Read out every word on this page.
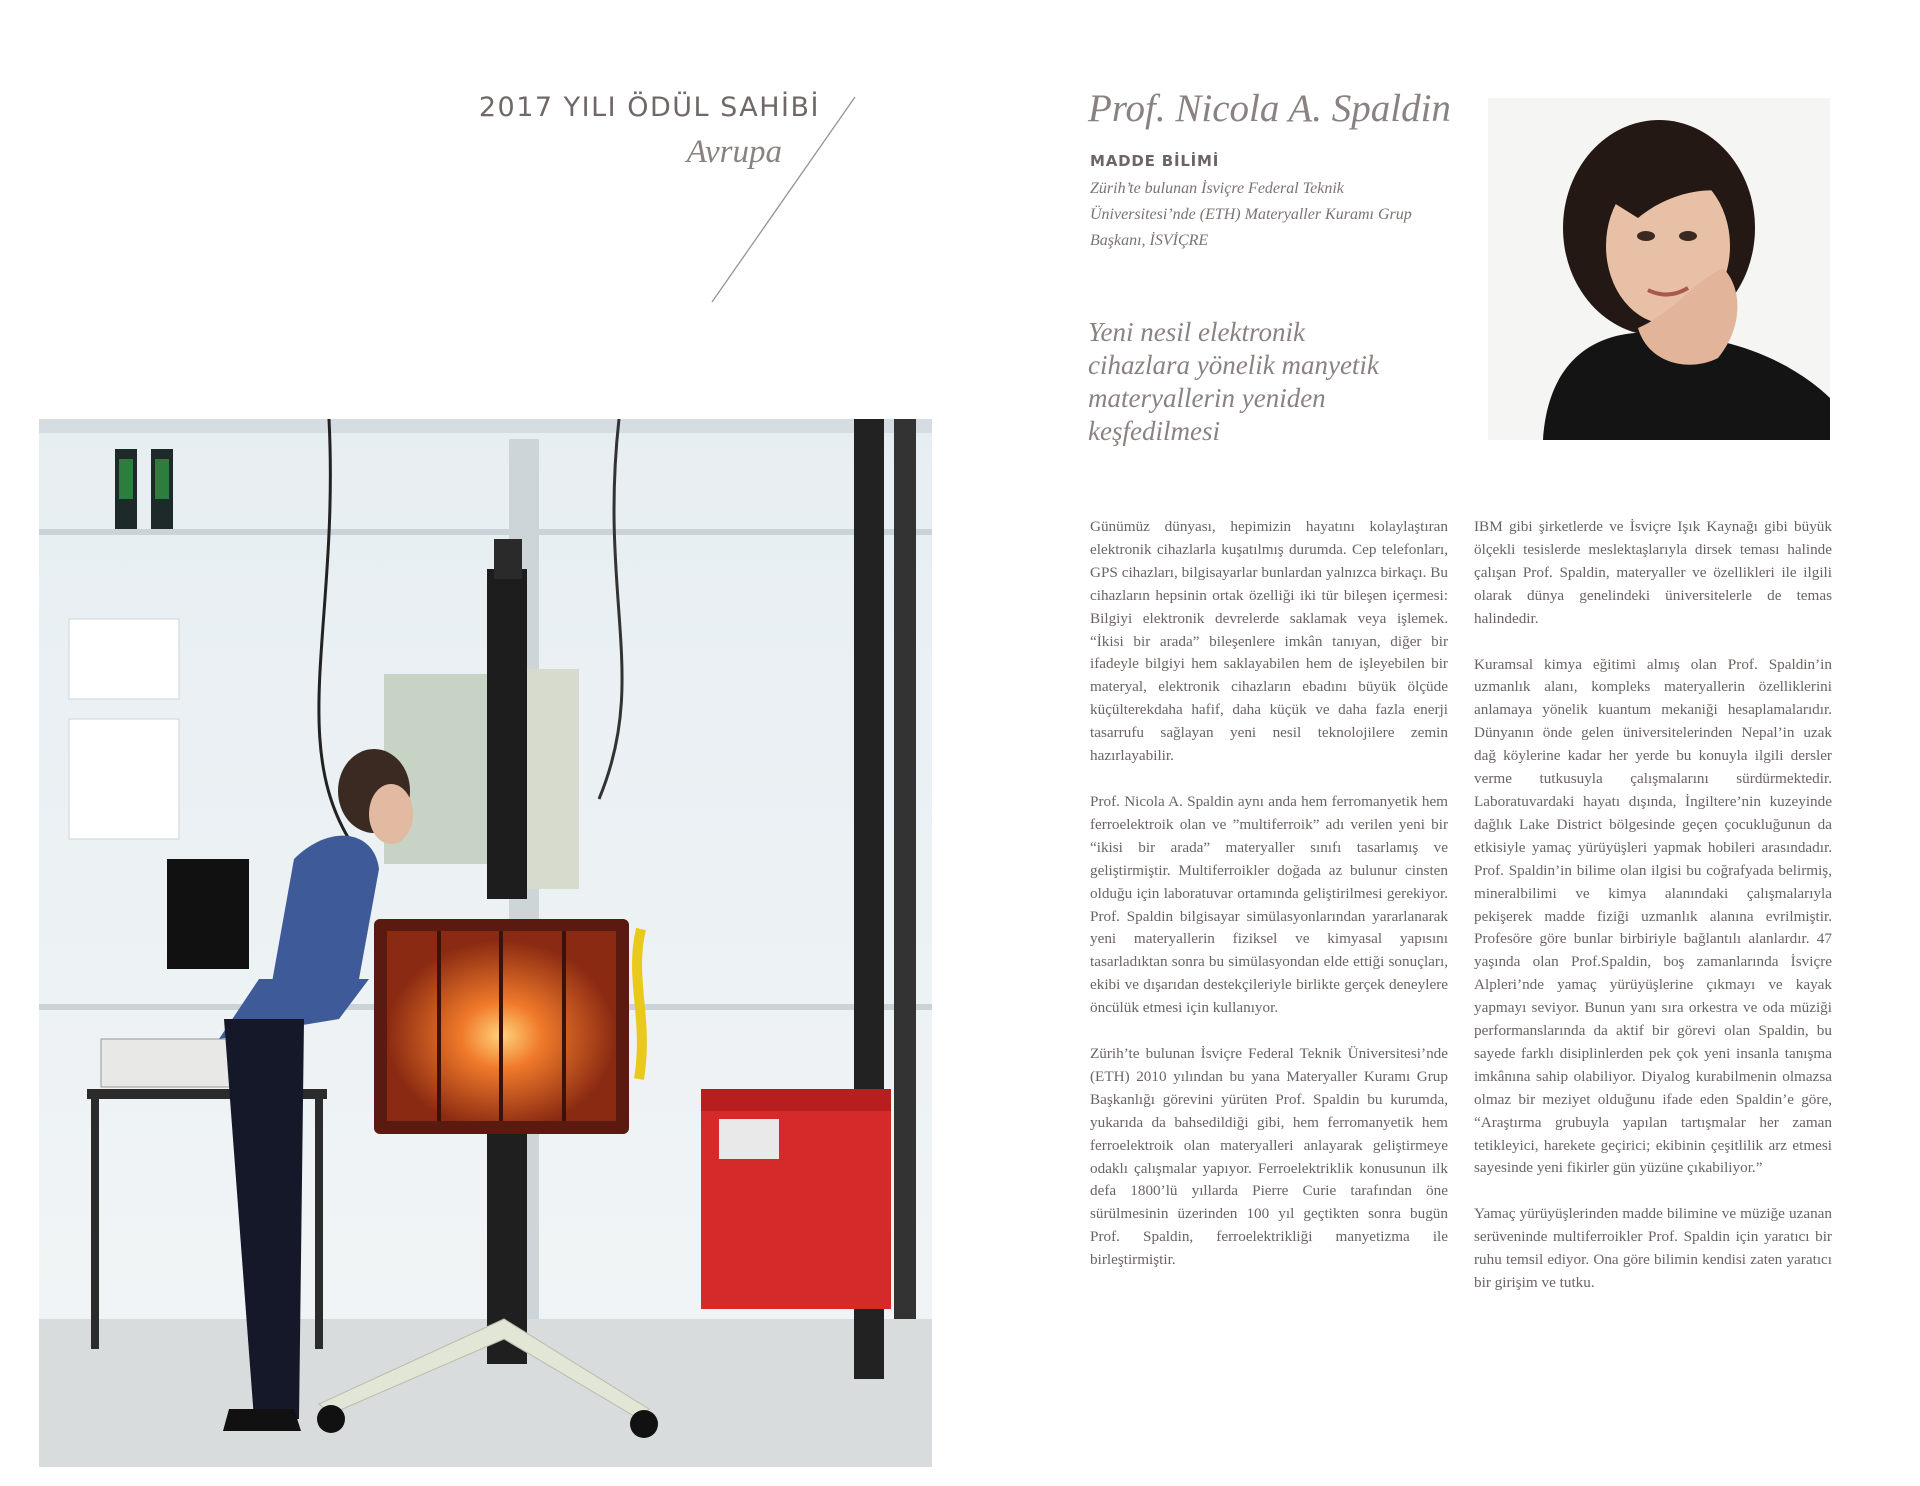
2017 YILI ÖDÜL SAHİBİ
Avrupa
Prof. Nicola A. Spaldin
MADDE BİLİMİ

Zürih’te bulunan İsviçre Federal Teknik Üniversitesi’nde (ETH) Materyaller Kuramı Grup Başkanı, İSVİÇRE

Yeni nesil elektronik cihazlara yönelik manyetik materyallerin yeniden keşfedilmesi

Günümüz dünyası, hepimizin hayatını kolaylaştıran elektronik cihazlarla kuşatılmış durumda. Cep telefonları, GPS cihazları, bilgisayarlar bunlardan yalnızca birkaçı. Bu cihazların hepsinin ortak özelliği iki tür bileşen içermesi: Bilgiyi elektronik devrelerde saklamak veya işlemek. “İkisi bir arada” bileşenlere imkân tanıyan, diğer bir ifadeyle bilgiyi hem saklayabilen hem de işleyebilen bir materyal, elektronik cihazların ebadını büyük ölçüde küçülterekdaha hafif, daha küçük ve daha fazla enerji tasarrufu sağlayan yeni nesil teknolojilere zemin hazırlayabilir.

Prof. Nicola A. Spaldin aynı anda hem ferromanyetik hem ferroelektroik olan ve ”multiferroik” adı verilen yeni bir “ikisi bir arada” materyaller sınıfı tasarlamış ve geliştirmiştir. Multiferroikler doğada az bulunur cinsten olduğu için laboratuvar ortamında geliştirilmesi gerekiyor. Prof. Spaldin bilgisayar simülasyonlarından yararlanarak yeni materyallerin fiziksel ve kimyasal yapısını tasarladıktan sonra bu simülasyondan elde ettiği sonuçları, ekibi ve dışarıdan destekçileriyle birlikte gerçek deneylere öncülük etmesi için kullanıyor.

Zürih’te bulunan İsviçre Federal Teknik Üniversitesi’nde (ETH) 2010 yılından bu yana Materyaller Kuramı Grup Başkanlığı görevini yürüten Prof. Spaldin bu kurumda, yukarıda da bahsedildiği gibi, hem ferromanyetik hem ferroelektroik olan materyalleri anlayarak geliştirmeye odaklı çalışmalar yapıyor. Ferroelektriklik konusunun ilk defa 1800’lü yıllarda Pierre Curie tarafından öne sürülmesinin üzerinden 100 yıl geçtikten sonra bugün Prof. Spaldin, ferroelektrikliği manyetizma ile birleştirmiştir.

IBM gibi şirketlerde ve İsviçre Işık Kaynağı gibi büyük ölçekli tesislerde meslektaşlarıyla dirsek teması halinde çalışan Prof. Spaldin, materyaller ve özellikleri ile ilgili olarak dünya genelindeki üniversitelerle de temas halindedir.

Kuramsal kimya eğitimi almış olan Prof. Spaldin’in uzmanlık alanı, kompleks materyallerin özelliklerini anlamaya yönelik kuantum mekaniği hesaplamalarıdır. Dünyanın önde gelen üniversitelerinden Nepal’in uzak dağ köylerine kadar her yerde bu konuyla ilgili dersler verme tutkusuyla çalışmalarını sürdürmektedir. Laboratuvardaki hayatı dışında, İngiltere’nin kuzeyinde dağlık Lake District bölgesinde geçen çocukluğunun da etkisiyle yamaç yürüyüşleri yapmak hobileri arasındadır. Prof. Spaldin’in bilime olan ilgisi bu coğrafyada belirmiş, mineralbilimi ve kimya alanındaki çalışmalarıyla pekişerek madde fiziği uzmanlık alanına evrilmiştir. Profesöre göre bunlar birbiriyle bağlantılı alanlardır. 47 yaşında olan Prof.Spaldin, boş zamanlarında İsviçre Alpleri’nde yamaç yürüyüşlerine çıkmayı ve kayak yapmayı seviyor. Bunun yanı sıra orkestra ve oda müziği performanslarında da aktif bir görevi olan Spaldin, bu sayede farklı disiplinlerden pek çok yeni insanla tanışma imkânına sahip olabiliyor. Diyalog kurabilmenin olmazsa olmaz bir meziyet olduğunu ifade eden Spaldin’e göre, “Araştırma grubuyla yapılan tartışmalar her zaman tetikleyici, harekete geçirici; ekibinin çeşitlilik arz etmesi sayesinde yeni fikirler gün yüzüne çıkabiliyor.”

Yamaç yürüyüşlerinden madde bilimine ve müziğe uzanan serüveninde multiferroikler Prof. Spaldin için yaratıcı bir ruhu temsil ediyor. Ona göre bilimin kendisi zaten yaratıcı bir girişim ve tutku.
